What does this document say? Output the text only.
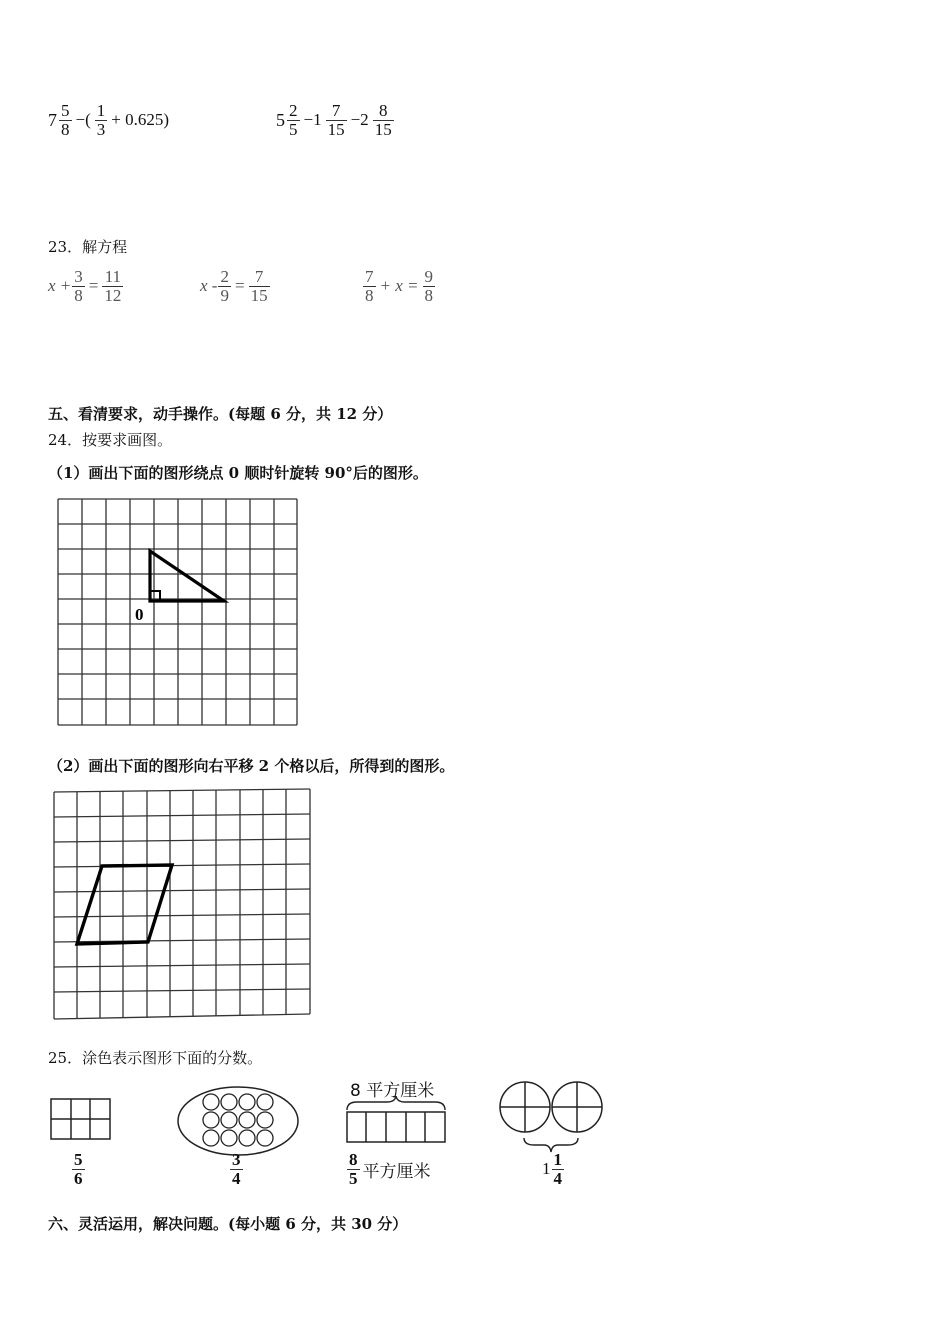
$7 \frac{5}{8}$ −( $\frac{1}{3} + 0.625$)	$5 \frac{2}{5} -1 \frac{7}{15} -2 \frac{8}{15}$
23．解方程
$x + \frac{3}{8} = \frac{11}{12}$	$x - \frac{2}{9} = \frac{7}{15}$	$\frac{7}{8} + x = \frac{9}{8}$
五、看清要求，动手操作。(每题 6 分，共 12 分）
24．按要求画图。
（1）画出下面的图形绕点 0 顺时针旋转 90°后的图形。
0
（2）画出下面的图形向右平移 2 个格以后，所得到的图形。
25．涂色表示图形下面的分数。
$\frac{5}{6}$	$\frac{3}{4}$
8 平方厘米
$\frac{8}{5}$ 平方厘米	$1 \frac{1}{4}$
六、灵活运用，解决问题。(每小题 6 分，共 30 分）
